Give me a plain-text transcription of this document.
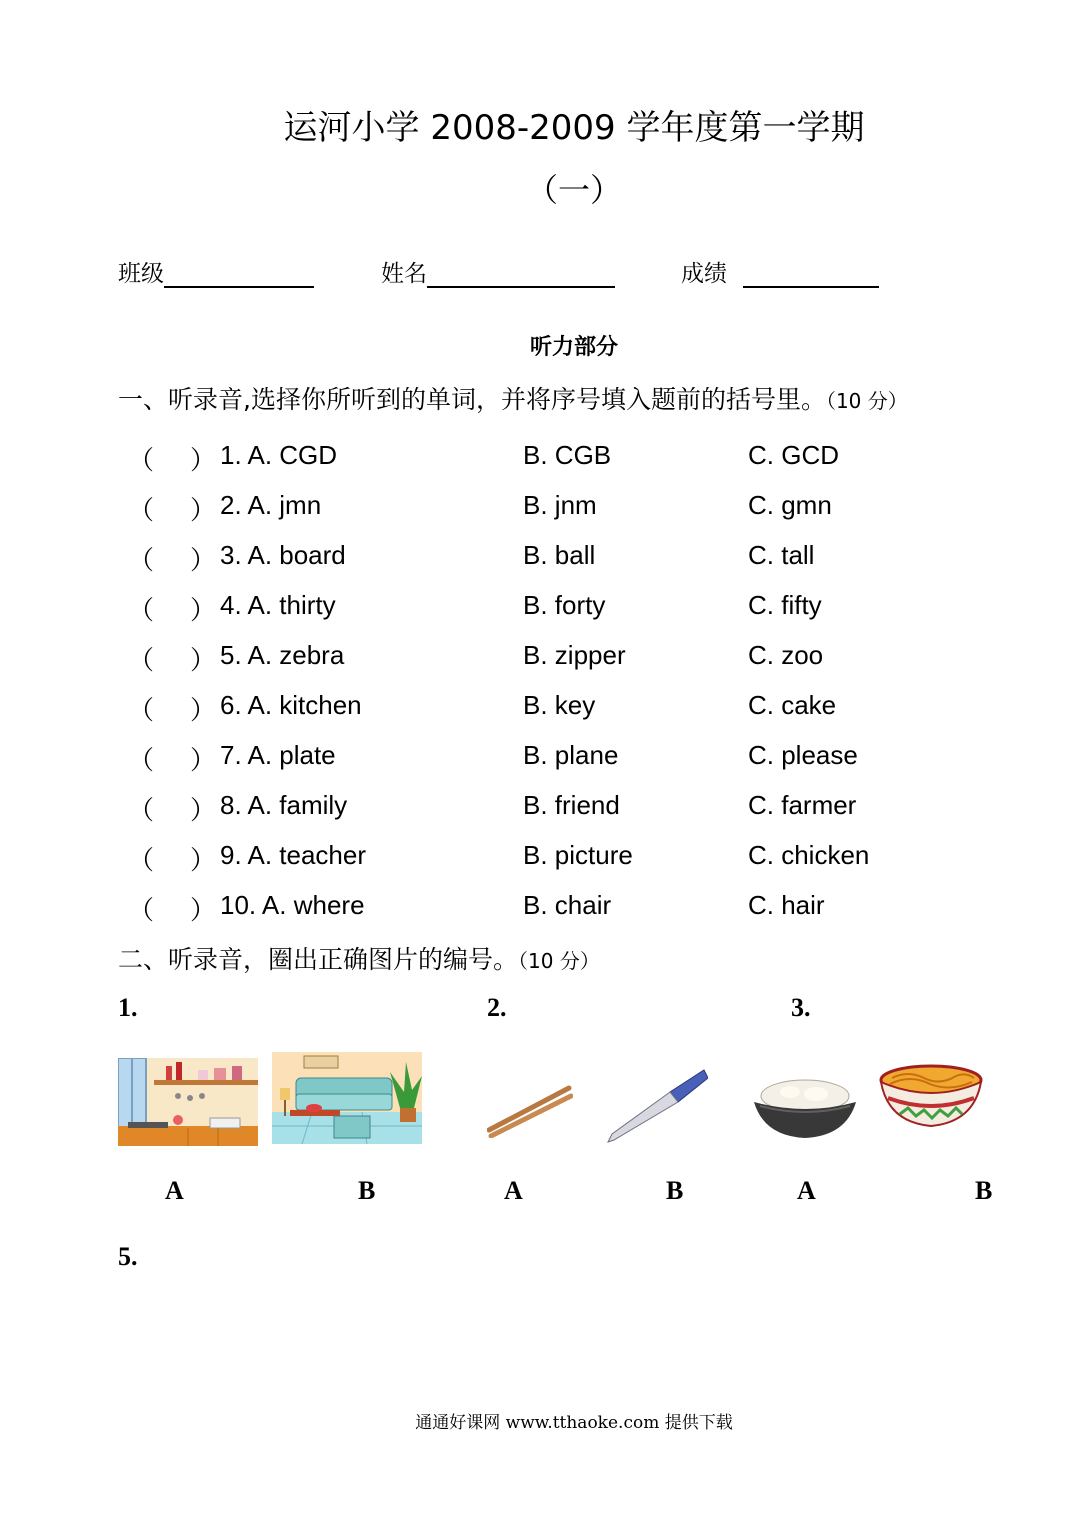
运河小学 2008-2009 学年度第一学期
（一）
班级	姓名	成绩
听力部分
一、听录音,选择你所听到的单词，并将序号填入题前的括号里。（10 分）
（ ） 1. A. CGD	B. CGB	C. GCD
（ ） 2. A. jmn	B. jnm	C. gmn
（ ） 3. A. board	B. ball	C. tall
（ ） 4. A. thirty	B. forty	C. fifty
（ ） 5. A. zebra	B. zipper	C. zoo
（ ） 6. A. kitchen	B. key	C. cake
（ ） 7. A. plate	B. plane	C. please
（ ） 8. A. family	B. friend	C. farmer
（ ） 9. A. teacher	B. picture	C. chicken
（ ） 10. A. where	B. chair	C. hair
二、听录音，圈出正确图片的编号。（10 分）
1.	2.	3.
A	B	A	B	A	B
5.
通通好课网 www.tthaoke.com 提供下载
